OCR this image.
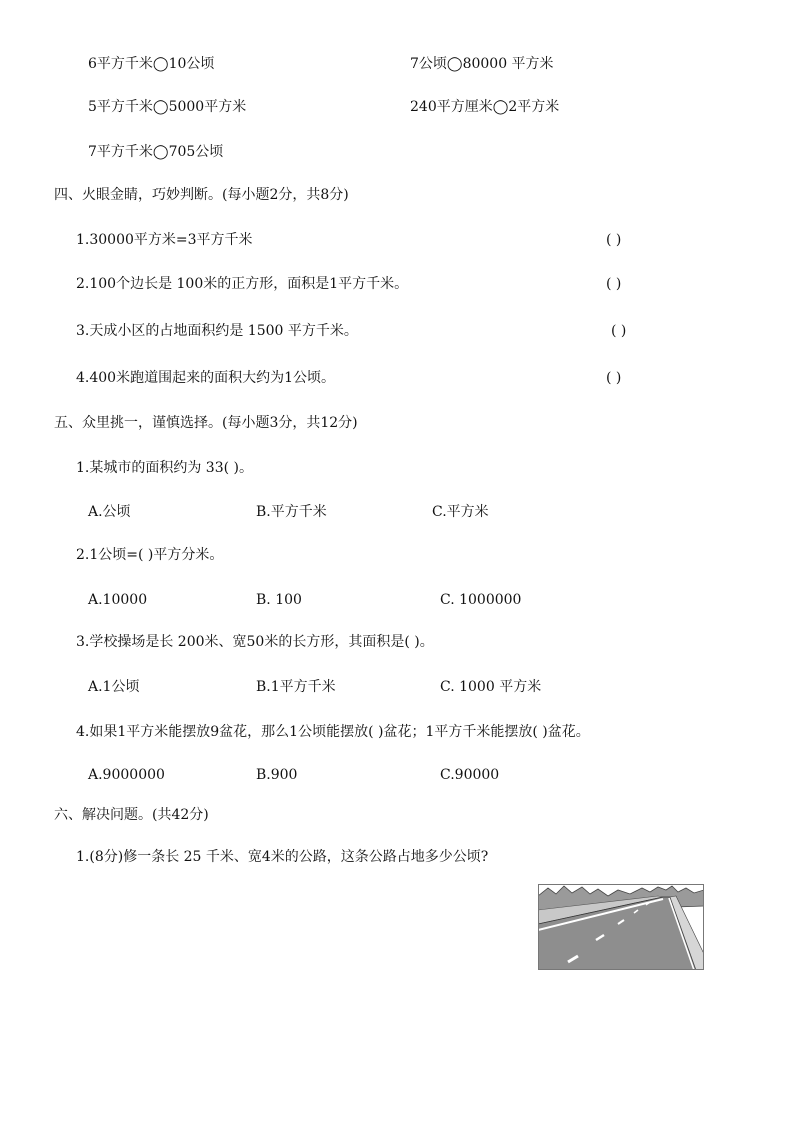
6平方千米◯10公顷	7公顷◯80000 平方米
5平方千米◯5000平方米	240平方厘米◯2平方米
7平方千米◯705公顷
四、火眼金睛，巧妙判断。(每小题2分，共8分)
1.30000平方米=3平方千米	( )
2.100个边长是 100米的正方形，面积是1平方千米。	( )
3.天成小区的占地面积约是 1500 平方千米。	( )
4.400米跑道围起来的面积大约为1公顷。	( )
五、众里挑一，谨慎选择。(每小题3分，共12分)
1.某城市的面积约为 33( )。
A.公顷	B.平方千米	C.平方米
2.1公顷=( )平方分米。
A.10000	B. 100	C. 1000000
3.学校操场是长 200米、宽50米的长方形，其面积是( )。
A.1公顷	B.1平方千米	C. 1000 平方米
4.如果1平方米能摆放9盆花，那么1公顷能摆放( )盆花；1平方千米能摆放( )盆花。
A.9000000	B.900	C.90000
六、解决问题。(共42分)
1.(8分)修一条长 25 千米、宽4米的公路，这条公路占地多少公顷?
